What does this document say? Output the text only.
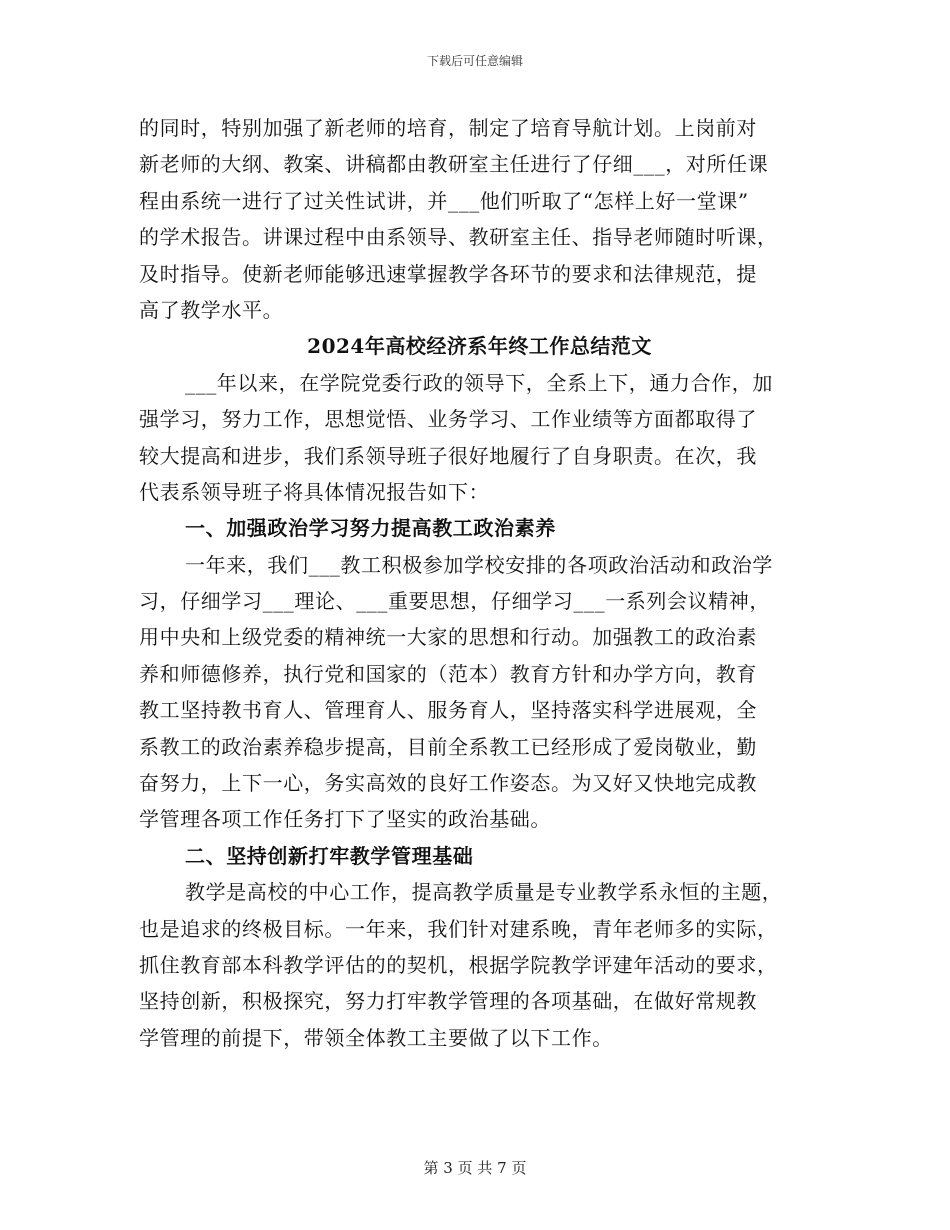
下载后可任意编辑
的同时，特别加强了新老师的培育，制定了培育导航计划。上岗前对
新老师的大纲、教案、讲稿都由教研室主任进行了仔细___，对所任课
程由系统一进行了过关性试讲，并___他们听取了“怎样上好一堂课”
的学术报告。讲课过程中由系领导、教研室主任、指导老师随时听课，
及时指导。使新老师能够迅速掌握教学各环节的要求和法律规范，提
高了教学水平。
2024年高校经济系年终工作总结范文
___年以来，在学院党委行政的领导下，全系上下，通力合作，加
强学习，努力工作，思想觉悟、业务学习、工作业绩等方面都取得了
较大提高和进步，我们系领导班子很好地履行了自身职责。在次，我
代表系领导班子将具体情况报告如下：
一、加强政治学习努力提高教工政治素养
一年来，我们___教工积极参加学校安排的各项政治活动和政治学
习，仔细学习___理论、___重要思想，仔细学习___一系列会议精神，
用中央和上级党委的精神统一大家的思想和行动。加强教工的政治素
养和师德修养，执行党和国家的（范本）教育方针和办学方向，教育
教工坚持教书育人、管理育人、服务育人，坚持落实科学进展观，全
系教工的政治素养稳步提高，目前全系教工已经形成了爱岗敬业，勤
奋努力，上下一心，务实高效的良好工作姿态。为又好又快地完成教
学管理各项工作任务打下了坚实的政治基础。
二、坚持创新打牢教学管理基础
教学是高校的中心工作，提高教学质量是专业教学系永恒的主题，
也是追求的终极目标。一年来，我们针对建系晚，青年老师多的实际，
抓住教育部本科教学评估的的契机，根据学院教学评建年活动的要求，
坚持创新，积极探究，努力打牢教学管理的各项基础，在做好常规教
学管理的前提下，带领全体教工主要做了以下工作。
第 3 页 共 7 页
